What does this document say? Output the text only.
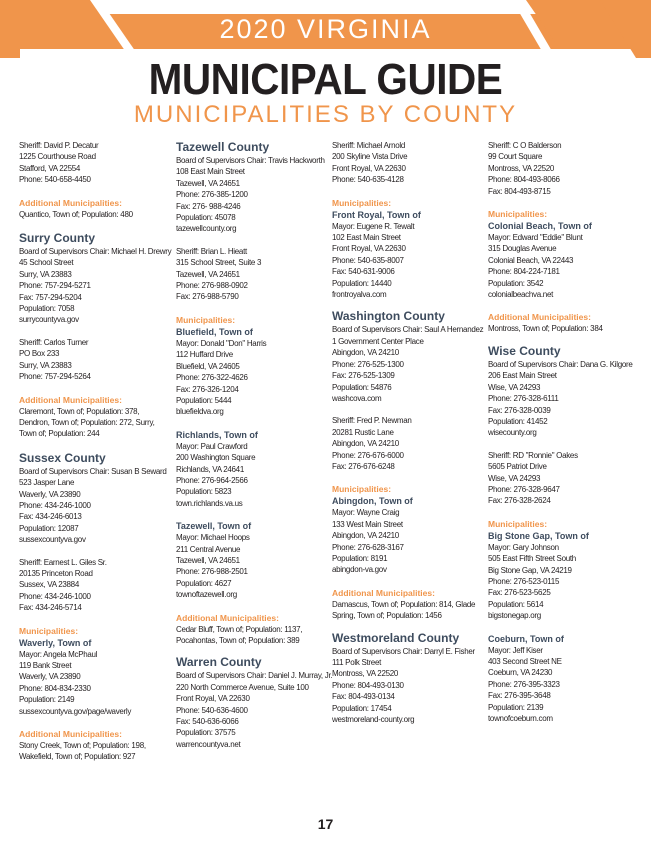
2020 VIRGINIA
MUNICIPAL GUIDE
MUNICIPALITIES BY COUNTY
Sheriff: David P. Decatur
1225 Courthouse Road
Stafford, VA 22554
Phone: 540-658-4450
Additional Municipalities:
Quantico, Town of; Population: 480
Surry County
Board of Supervisors Chair: Michael H. Drewry
45 School Street
Surry, VA 23883
Phone: 757-294-5271
Fax: 757-294-5204
Population: 7058
surrycountyva.gov
Sheriff: Carlos Turner
PO Box 233
Surry, VA 23883
Phone: 757-294-5264
Additional Municipalities:
Claremont, Town of; Population: 378, Dendron, Town of; Population: 272, Surry, Town of; Population: 244
Sussex County
Board of Supervisors Chair: Susan B Seward
523 Jasper Lane
Waverly, VA 23890
Phone: 434-246-1000
Fax: 434-246-6013
Population: 12087
sussexcountyva.gov
Sheriff: Earnest L. Giles Sr.
20135 Princeton Road
Sussex, VA 23884
Phone: 434-246-1000
Fax: 434-246-5714
Municipalities:
Waverly, Town of
Mayor: Angela McPhaul
119 Bank Street
Waverly, VA 23890
Phone: 804-834-2330
Population: 2149
sussexcountyva.gov/page/waverly
Additional Municipalities:
Stony Creek, Town of; Population: 198, Wakefield, Town of; Population: 927
Tazewell County
Board of Supervisors Chair: Travis Hackworth
108 East Main Street
Tazewell, VA 24651
Phone: 276-385-1200
Fax: 276- 988-4246
Population: 45078
tazewellcounty.org
Sheriff: Brian L. Hieatt
315 School Street, Suite 3
Tazewell, VA 24651
Phone: 276-988-0902
Fax: 276-988-5790
Municipalities:
Bluefield, Town of
Mayor: Donald "Don" Harris
112 Huffard Drive
Bluefield, VA 24605
Phone: 276-322-4626
Fax: 276-326-1204
Population: 5444
bluefieldva.org
Richlands, Town of
Mayor: Paul Crawford
200 Washington Square
Richlands, VA 24641
Phone: 276-964-2566
Population: 5823
town.richlands.va.us
Tazewell, Town of
Mayor: Michael Hoops
211 Central Avenue
Tazewell, VA 24651
Phone: 276-988-2501
Population: 4627
townoftazewell.org
Additional Municipalities:
Cedar Bluff, Town of; Population: 1137, Pocahontas, Town of; Population: 389
Warren County
Board of Supervisors Chair: Daniel J. Murray, Jr.
220 North Commerce Avenue, Suite 100
Front Royal, VA 22630
Phone: 540-636-4600
Fax: 540-636-6066
Population: 37575
warrencountyva.net
Sheriff: Michael Arnold
200 Skyline Vista Drive
Front Royal, VA 22630
Phone: 540-635-4128
Municipalities:
Front Royal, Town of
Mayor: Eugene R. Tewalt
102 East Main Street
Front Royal, VA 22630
Phone: 540-635-8007
Fax: 540-631-9006
Population: 14440
frontroyalva.com
Washington County
Board of Supervisors Chair: Saul A Hernandez
1 Government Center Place
Abingdon, VA 24210
Phone: 276-525-1300
Fax: 276-525-1309
Population: 54876
washcova.com
Sheriff: Fred P. Newman
20281 Rustic Lane
Abingdon, VA 24210
Phone: 276-676-6000
Fax: 276-676-6248
Municipalities:
Abingdon, Town of
Mayor: Wayne Craig
133 West Main Street
Abingdon, VA 24210
Phone: 276-628-3167
Population: 8191
abingdon-va.gov
Additional Municipalities:
Damascus, Town of; Population: 814, Glade Spring, Town of; Population: 1456
Westmoreland County
Board of Supervisors Chair: Darryl E. Fisher
111 Polk Street
Montross, VA 22520
Phone: 804-493-0130
Fax: 804-493-0134
Population: 17454
westmoreland-county.org
Sheriff: C O Balderson
99 Court Square
Montross, VA 22520
Phone: 804-493-8066
Fax: 804-493-8715
Municipalities:
Colonial Beach, Town of
Mayor: Edward "Eddie" Blunt
315 Douglas Avenue
Colonial Beach, VA 22443
Phone: 804-224-7181
Population: 3542
colonialbeachva.net
Additional Municipalities:
Montross, Town of; Population: 384
Wise County
Board of Supervisors Chair: Dana G. Kilgore
206 East Main Street
Wise, VA 24293
Phone: 276-328-6111
Fax: 276-328-0039
Population: 41452
wisecounty.org
Sheriff: RD "Ronnie" Oakes
5605 Patriot Drive
Wise, VA 24293
Phone: 276-328-9647
Fax: 276-328-2624
Municipalities:
Big Stone Gap, Town of
Mayor: Gary Johnson
505 East Fifth Street South
Big Stone Gap, VA 24219
Phone: 276-523-0115
Fax: 276-523-5625
Population: 5614
bigstonegap.org
Coeburn, Town of
Mayor: Jeff Kiser
403 Second Street NE
Coeburn, VA 24230
Phone: 276-395-3323
Fax: 276-395-3648
Population: 2139
townofcoeburn.com
17
